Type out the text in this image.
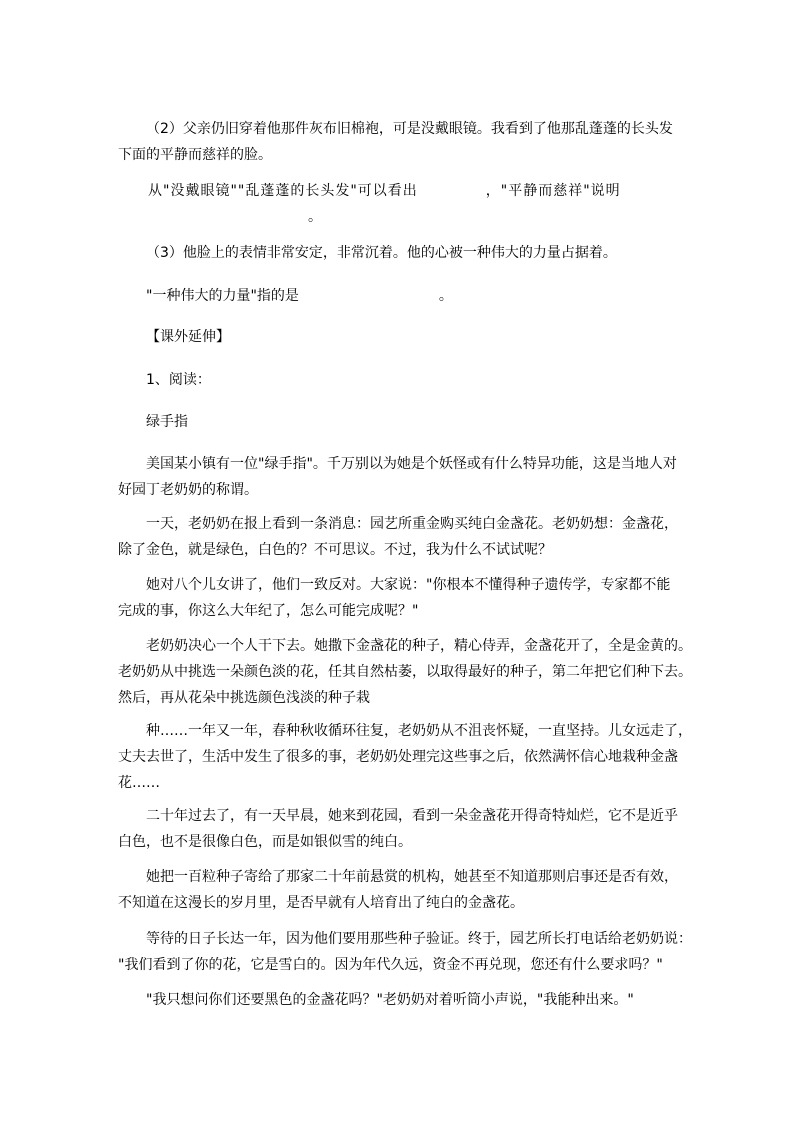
（2）父亲仍旧穿着他那件灰布旧棉袍，可是没戴眼镜。我看到了他那乱蓬蓬的长头发
下面的平静而慈祥的脸。
从"没戴眼镜""乱蓬蓬的长头发"可以看出	，"平静而慈祥"说明
。
（3）他脸上的表情非常安定，非常沉着。他的心被一种伟大的力量占据着。
"一种伟大的力量"指的是	。
【课外延伸】
1、阅读：
绿手指
美国某小镇有一位"绿手指"。千万别以为她是个妖怪或有什么特异功能，这是当地人对
好园丁老奶奶的称谓。
一天，老奶奶在报上看到一条消息：园艺所重金购买纯白金盏花。老奶奶想：金盏花，
除了金色，就是绿色，白色的？不可思议。不过，我为什么不试试呢？
她对八个儿女讲了，他们一致反对。大家说："你根本不懂得种子遗传学，专家都不能
完成的事，你这么大年纪了，怎么可能完成呢？"
老奶奶决心一个人干下去。她撒下金盏花的种子，精心侍弄，金盏花开了，全是金黄的。
老奶奶从中挑选一朵颜色淡的花，任其自然枯萎，以取得最好的种子，第二年把它们种下去。
然后，再从花朵中挑选颜色浅淡的种子栽
种……一年又一年，春种秋收循环往复，老奶奶从不沮丧怀疑，一直坚持。儿女远走了，
丈夫去世了，生活中发生了很多的事，老奶奶处理完这些事之后，依然满怀信心地栽种金盏
花……
二十年过去了，有一天早晨，她来到花园，看到一朵金盏花开得奇特灿烂，它不是近乎
白色，也不是很像白色，而是如银似雪的纯白。
她把一百粒种子寄给了那家二十年前悬赏的机构，她甚至不知道那则启事还是否有效，
不知道在这漫长的岁月里，是否早就有人培育出了纯白的金盏花。
等待的日子长达一年，因为他们要用那些种子验证。终于，园艺所长打电话给老奶奶说：
"我们看到了你的花，它是雪白的。因为年代久远，资金不再兑现，您还有什么要求吗？"
"我只想问你们还要黑色的金盏花吗？"老奶奶对着听筒小声说，"我能种出来。"
